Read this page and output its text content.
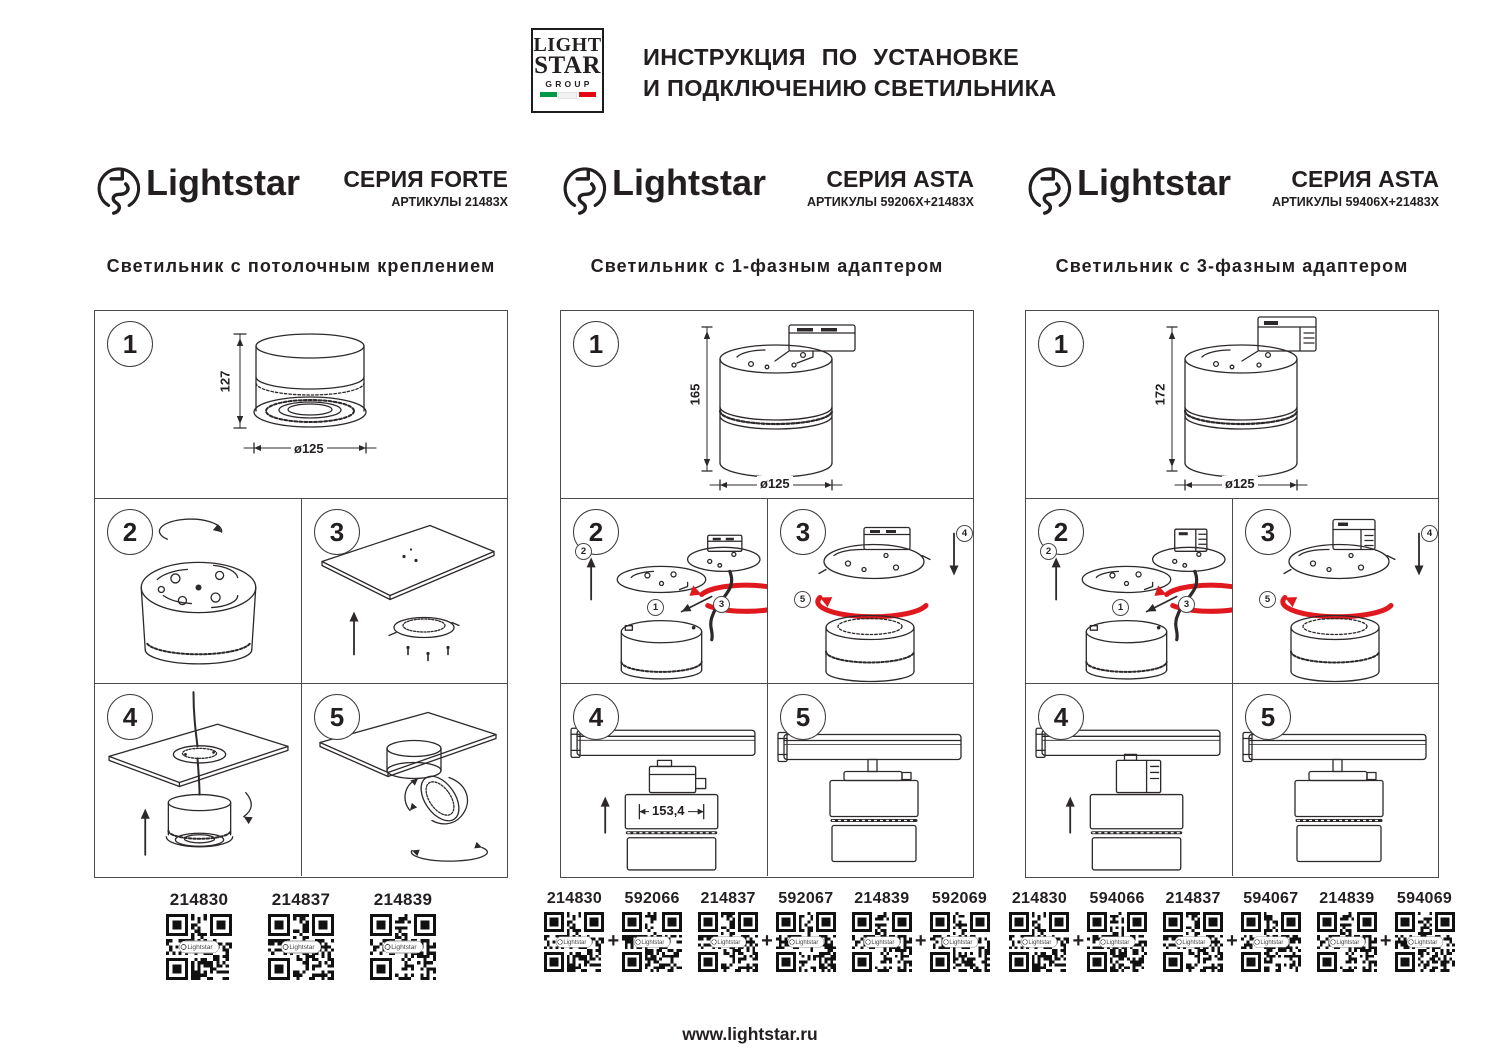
LIGHT
STAR
GROUP
ИНСТРУКЦИЯ ПО УСТАНОВКЕ
И ПОДКЛЮЧЕНИЮ СВЕТИЛЬНИКА
Lightstar СЕРИЯ FORTE
АРТИКУЛЫ 21483X
Светильник с потолочным креплением
1
127
ø125
2	3
4	5
214830
Lightstar
214837
Lightstar
214839
Lightstar
Lightstar	СЕРИЯ ASTA
АРТИКУЛЫ 59206X+21483X
Светильник с 1-фазным адаптером
1
165
ø125
2
2
1	3
3	4
5
4
153,4
5
214830
Lightstar +
592066
Lightstar
214837
Lightstar +
592067
Lightstar
214839
Lightstar +
592069
Lightstar
Lightstar	СЕРИЯ ASTA
АРТИКУЛЫ 59406X+21483X
Светильник с 3-фазным адаптером
1
172
ø125
2
2
1	3
3	4
5
4	5
214830
Lightstar +
594066
Lightstar
214837
Lightstar +
594067
Lightstar
214839
Lightstar +
594069
Lightstar
www.lightstar.ru
